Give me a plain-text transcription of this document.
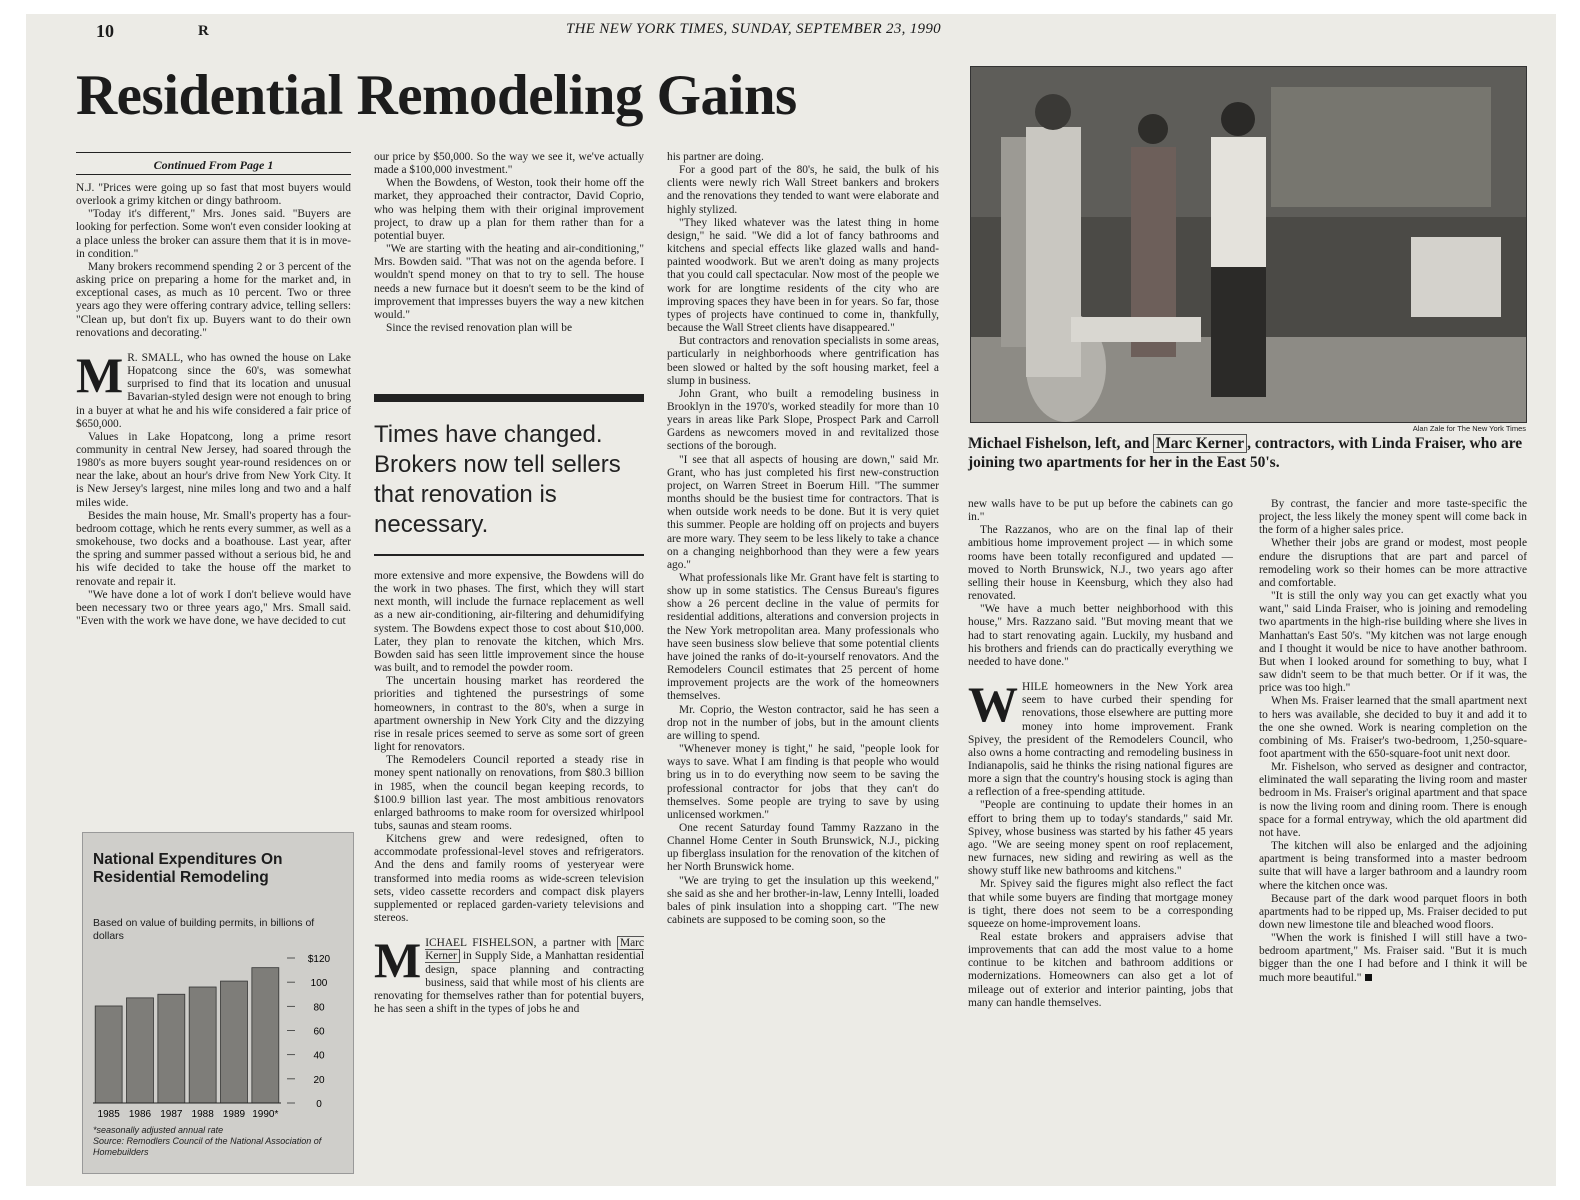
10	R	THE NEW YORK TIMES, SUNDAY, SEPTEMBER 23, 1990
Residential Remodeling Gains
Continued From Page 1

N.J. "Prices were going up so fast that most buyers would overlook a grimy kitchen or dingy bathroom.

"Today it's different," Mrs. Jones said. "Buyers are looking for perfection. Some won't even consider looking at a place unless the broker can assure them that it is in move-in condition."

Many brokers recommend spending 2 or 3 percent of the asking price on preparing a home for the market and, in exceptional cases, as much as 10 percent. Two or three years ago they were offering contrary advice, telling sellers: "Clean up, but don't fix up. Buyers want to do their own renovations and decorating."

M R. SMALL, who has owned the house on Lake Hopatcong since the 60's, was somewhat surprised to find that its location and unusual Bavarian-styled design were not enough to bring in a buyer at what he and his wife considered a fair price of $650,000.

Values in Lake Hopatcong, long a prime resort community in central New Jersey, had soared through the 1980's as more buyers sought year-round residences on or near the lake, about an hour's drive from New York City. It is New Jersey's largest, nine miles long and two and a half miles wide.

Besides the main house, Mr. Small's property has a four-bedroom cottage, which he rents every summer, as well as a smokehouse, two docks and a boathouse. Last year, after the spring and summer passed without a serious bid, he and his wife decided to take the house off the market to renovate and repair it.

"We have done a lot of work I don't believe would have been necessary two or three years ago," Mrs. Small said. "Even with the work we have done, we have decided to cut

National Expenditures On Residential Remodeling
Based on value of building permits, in billions of dollars
1985 1986 1987 1988 1989 1990*
0
20
40
60
80
100
$120
*seasonally adjusted annual rate
Source: Remodlers Council of the National Association of Homebuilders

our price by $50,000. So the way we see it, we've actually made a $100,000 investment."

When the Bowdens, of Weston, took their home off the market, they approached their contractor, David Coprio, who was helping them with their original improvement project, to draw up a plan for them rather than for a potential buyer.

"We are starting with the heating and air-conditioning," Mrs. Bowden said. "That was not on the agenda before. I wouldn't spend money on that to try to sell. The house needs a new furnace but it doesn't seem to be the kind of improvement that impresses buyers the way a new kitchen would."

Since the revised renovation plan will be

Times have changed. Brokers now tell sellers that renovation is necessary.

more extensive and more expensive, the Bowdens will do the work in two phases. The first, which they will start next month, will include the furnace replacement as well as a new air-conditioning, air-filtering and dehumidifying system. The Bowdens expect those to cost about $10,000. Later, they plan to renovate the kitchen, which Mrs. Bowden said has seen little improvement since the house was built, and to remodel the powder room.

The uncertain housing market has reordered the priorities and tightened the pursestrings of some homeowners, in contrast to the 80's, when a surge in apartment ownership in New York City and the dizzying rise in resale prices seemed to serve as some sort of green light for renovators.

The Remodelers Council reported a steady rise in money spent nationally on renovations, from $80.3 billion in 1985, when the council began keeping records, to $100.9 billion last year. The most ambitious renovators enlarged bathrooms to make room for oversized whirlpool tubs, saunas and steam rooms.

Kitchens grew and were redesigned, often to accommodate professional-level stoves and refrigerators. And the dens and family rooms of yesteryear were transformed into media rooms as wide-screen television sets, video cassette recorders and compact disk players supplemented or replaced garden-variety televisions and stereos.

MICHAEL FISHELSON, a partner with Marc Kerner in Supply Side, a Manhattan residential design, space planning and contracting business, said that while most of his clients are renovating for themselves rather than for potential buyers, he has seen a shift in the types of jobs he and

his partner are doing.

For a good part of the 80's, he said, the bulk of his clients were newly rich Wall Street bankers and brokers and the renovations they tended to want were elaborate and highly stylized.

"They liked whatever was the latest thing in home design," he said. "We did a lot of fancy bathrooms and kitchens and special effects like glazed walls and hand-painted woodwork. But we aren't doing as many projects that you could call spectacular. Now most of the people we work for are longtime residents of the city who are improving spaces they have been in for years. So far, those types of projects have continued to come in, thankfully, because the Wall Street clients have disappeared."

But contractors and renovation specialists in some areas, particularly in neighborhoods where gentrification has been slowed or halted by the soft housing market, feel a slump in business.

John Grant, who built a remodeling business in Brooklyn in the 1970's, worked steadily for more than 10 years in areas like Park Slope, Prospect Park and Carroll Gardens as newcomers moved in and revitalized those sections of the borough.

"I see that all aspects of housing are down," said Mr. Grant, who has just completed his first new-construction project, on Warren Street in Boerum Hill. "The summer months should be the busiest time for contractors. That is when outside work needs to be done. But it is very quiet this summer. People are holding off on projects and buyers are more wary. They seem to be less likely to take a chance on a changing neighborhood than they were a few years ago."

What professionals like Mr. Grant have felt is starting to show up in some statistics. The Census Bureau's figures show a 26 percent decline in the value of permits for residential additions, alterations and conversion projects in the New York metropolitan area. Many professionals who have seen business slow believe that some potential clients have joined the ranks of do-it-yourself renovators. And the Remodelers Council estimates that 25 percent of home improvement projects are the work of the homeowners themselves.

Mr. Coprio, the Weston contractor, said he has seen a drop not in the number of jobs, but in the amount clients are willing to spend.

"Whenever money is tight," he said, "people look for ways to save. What I am finding is that people who would bring us in to do everything now seem to be saving the professional contractor for jobs that they can't do themselves. Some people are trying to save by using unlicensed workmen."

One recent Saturday found Tammy Razzano in the Channel Home Center in South Brunswick, N.J., picking up fiberglass insulation for the renovation of the kitchen of her North Brunswick home.

"We are trying to get the insulation up this weekend," she said as she and her brother-in-law, Lenny Intelli, loaded bales of pink insulation into a shopping cart. "The new cabinets are supposed to be coming soon, so the

Alan Zale for The New York Times
Michael Fishelson, left, and Marc Kerner , contractors, with Linda Fraiser, who are joining two apartments for her in the East 50's.

new walls have to be put up before the cabinets can go in."

The Razzanos, who are on the final lap of their ambitious home improvement project — in which some rooms have been totally reconfigured and updated — moved to North Brunswick, N.J., two years ago after selling their house in Keensburg, which they also had renovated.

"We have a much better neighborhood with this house," Mrs. Razzano said. "But moving meant that we had to start renovating again. Luckily, my husband and his brothers and friends can do practically everything we needed to have done."

WHILE homeowners in the New York area seem to have curbed their spending for renovations, those elsewhere are putting more money into home improvement. Frank Spivey, the president of the Remodelers Council, who also owns a home contracting and remodeling business in Indianapolis, said he thinks the rising national figures are more a sign that the country's housing stock is aging than a reflection of a free-spending attitude.

"People are continuing to update their homes in an effort to bring them up to today's standards," said Mr. Spivey, whose business was started by his father 45 years ago. "We are seeing money spent on roof replacement, new furnaces, new siding and rewiring as well as the showy stuff like new bathrooms and kitchens."

Mr. Spivey said the figures might also reflect the fact that while some buyers are finding that mortgage money is tight, there does not seem to be a corresponding squeeze on home-improvement loans.

Real estate brokers and appraisers advise that improvements that can add the most value to a home continue to be kitchen and bathroom additions or modernizations. Homeowners can also get a lot of mileage out of exterior and interior painting, jobs that many can handle themselves.

By contrast, the fancier and more taste-specific the project, the less likely the money spent will come back in the form of a higher sales price.

Whether their jobs are grand or modest, most people endure the disruptions that are part and parcel of remodeling work so their homes can be more attractive and comfortable.

"It is still the only way you can get exactly what you want," said Linda Fraiser, who is joining and remodeling two apartments in the high-rise building where she lives in Manhattan's East 50's. "My kitchen was not large enough and I thought it would be nice to have another bathroom. But when I looked around for something to buy, what I saw didn't seem to be that much better. Or if it was, the price was too high."

When Ms. Fraiser learned that the small apartment next to hers was available, she decided to buy it and add it to the one she owned. Work is nearing completion on the combining of Ms. Fraiser's two-bedroom, 1,250-square-foot apartment with the 650-square-foot unit next door.

Mr. Fishelson, who served as designer and contractor, eliminated the wall separating the living room and master bedroom in Ms. Fraiser's original apartment and that space is now the living room and dining room. There is enough space for a formal entryway, which the old apartment did not have.

The kitchen will also be enlarged and the adjoining apartment is being transformed into a master bedroom suite that will have a larger bathroom and a laundry room where the kitchen once was.

Because part of the dark wood parquet floors in both apartments had to be ripped up, Ms. Fraiser decided to put down new limestone tile and bleached wood floors.

"When the work is finished I will still have a two-bedroom apartment," Ms. Fraiser said. "But it is much bigger than the one I had before and I think it will be much more beautiful."
